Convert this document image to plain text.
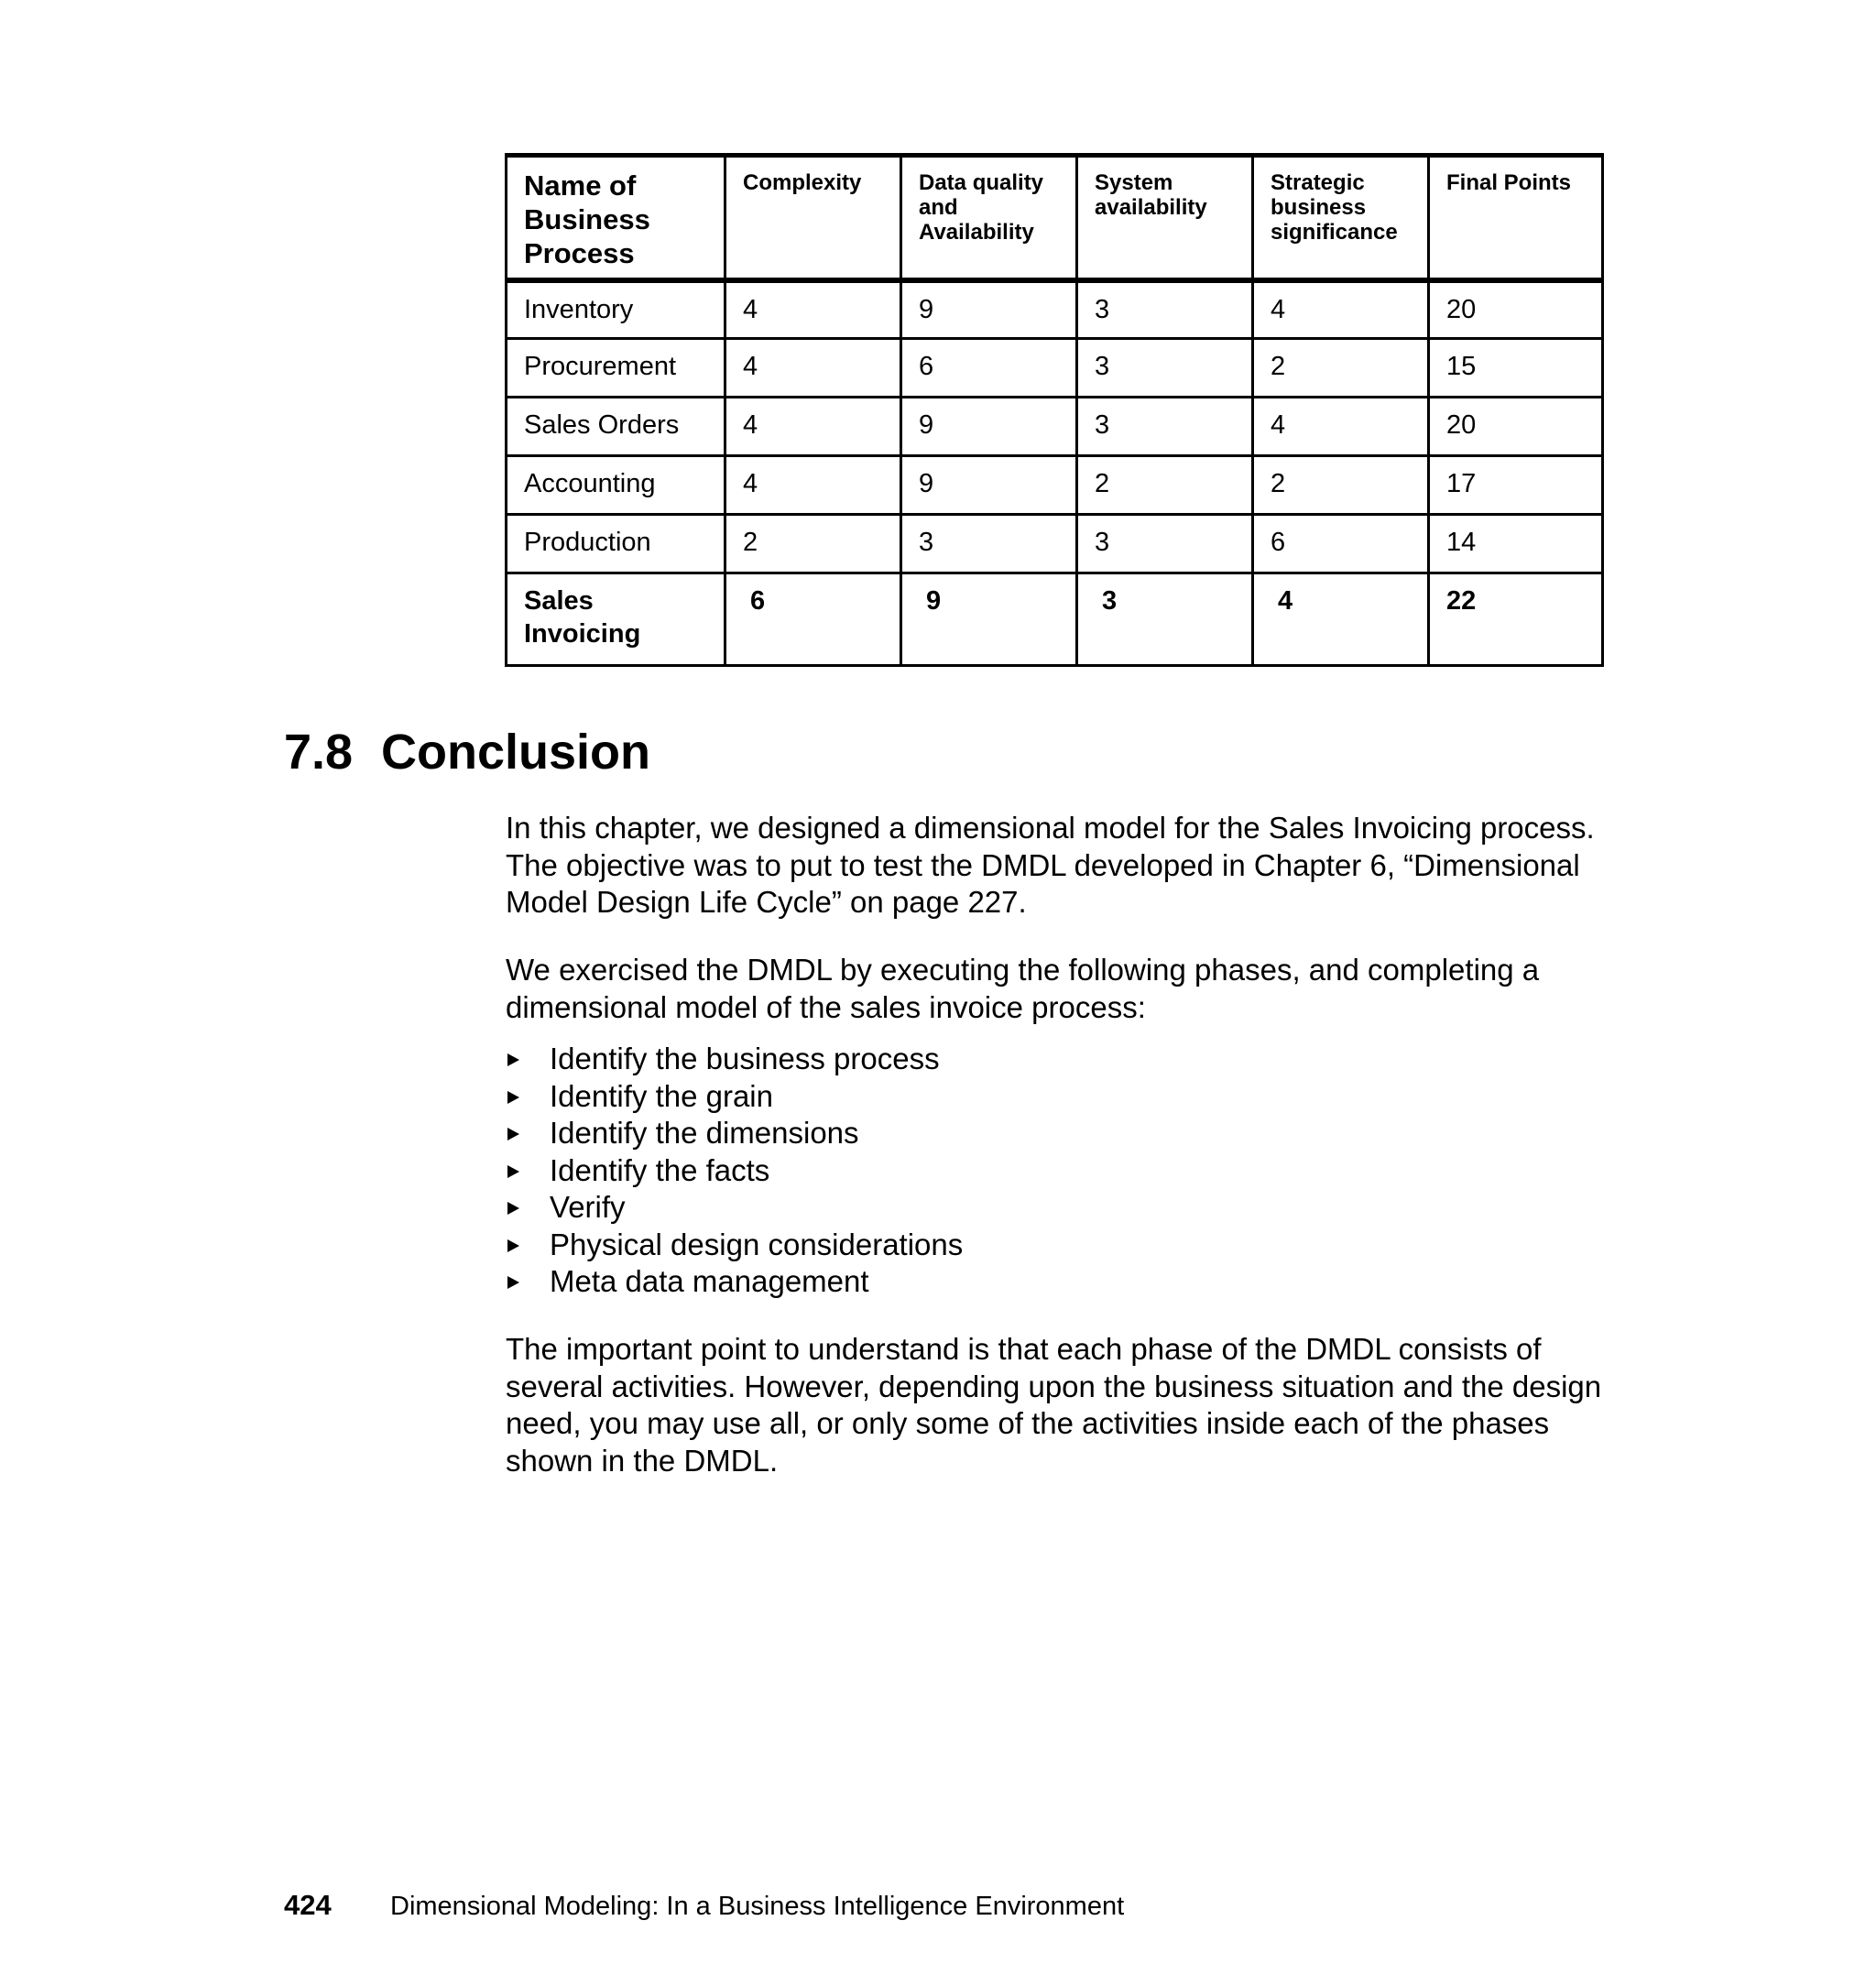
Name of Business Process	Complexity	Data quality and Availability	System availability	Strategic business significance	Final Points
Inventory	4	9	3	4	20
Procurement	4	6	3	2	15
Sales Orders	4	9	3	4	20
Accounting	4	9	2	2	17
Production	2	3	3	6	14
Sales Invoicing	6	9	3	4	22
7.8 Conclusion

In this chapter, we designed a dimensional model for the Sales Invoicing process. The objective was to put to test the DMDL developed in Chapter 6, “Dimensional Model Design Life Cycle” on page 227.

We exercised the DMDL by executing the following phases, and completing a dimensional model of the sales invoice process:

Identify the business process
Identify the grain
Identify the dimensions
Identify the facts
Verify
Physical design considerations
Meta data management

The important point to understand is that each phase of the DMDL consists of several activities. However, depending upon the business situation and the design need, you may use all, or only some of the activities inside each of the phases shown in the DMDL.

424 Dimensional Modeling: In a Business Intelligence Environment
